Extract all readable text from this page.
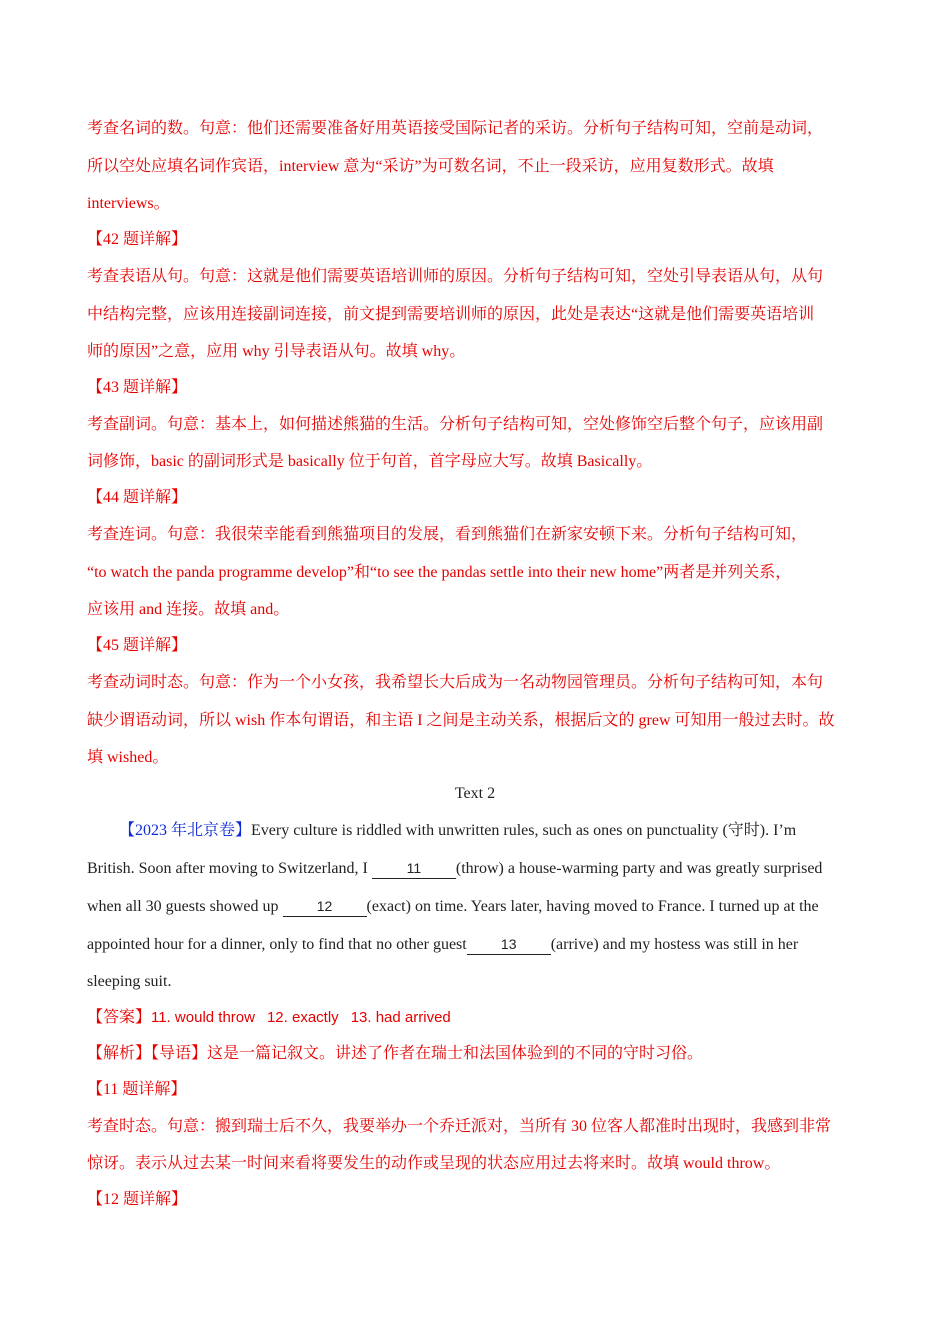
考查名词的数。句意：他们还需要准备好用英语接受国际记者的采访。分析句子结构可知，空前是动词，
所以空处应填名词作宾语，interview 意为“采访”为可数名词，不止一段采访，应用复数形式。故填
interviews。
【42 题详解】
考查表语从句。句意：这就是他们需要英语培训师的原因。分析句子结构可知，空处引导表语从句，从句
中结构完整，应该用连接副词连接，前文提到需要培训师的原因，此处是表达“这就是他们需要英语培训
师的原因”之意，应用 why 引导表语从句。故填 why。
【43 题详解】
考查副词。句意：基本上，如何描述熊猫的生活。分析句子结构可知，空处修饰空后整个句子，应该用副
词修饰，basic 的副词形式是 basically 位于句首，首字母应大写。故填 Basically。
【44 题详解】
考查连词。句意：我很荣幸能看到熊猫项目的发展，看到熊猫们在新家安顿下来。分析句子结构可知，
“to watch the panda programme develop”和“to see the pandas settle into their new home”两者是并列关系，
应该用 and 连接。故填 and。
【45 题详解】
考查动词时态。句意：作为一个小女孩，我希望长大后成为一名动物园管理员。分析句子结构可知，本句
缺少谓语动词，所以 wish 作本句谓语，和主语 I 之间是主动关系，根据后文的 grew 可知用一般过去时。故
填 wished。
Text 2
【2023 年北京卷】Every culture is riddled with unwritten rules, such as ones on punctuality (守时). I’m
British. Soon after moving to Switzerland, I 11 (throw) a house-warming party and was greatly surprised
when all 30 guests showed up 12 (exact) on time. Years later, having moved to France. I turned up at the
appointed hour for a dinner, only to find that no other guest 13 (arrive) and my hostess was still in her
sleeping suit.
【答案】11. would throw 12. exactly 13. had arrived
【解析】【导语】这是一篇记叙文。讲述了作者在瑞士和法国体验到的不同的守时习俗。
【11 题详解】
考查时态。句意：搬到瑞士后不久，我要举办一个乔迁派对，当所有 30 位客人都准时出现时，我感到非常
惊讶。表示从过去某一时间来看将要发生的动作或呈现的状态应用过去将来时。故填 would throw。
【12 题详解】
